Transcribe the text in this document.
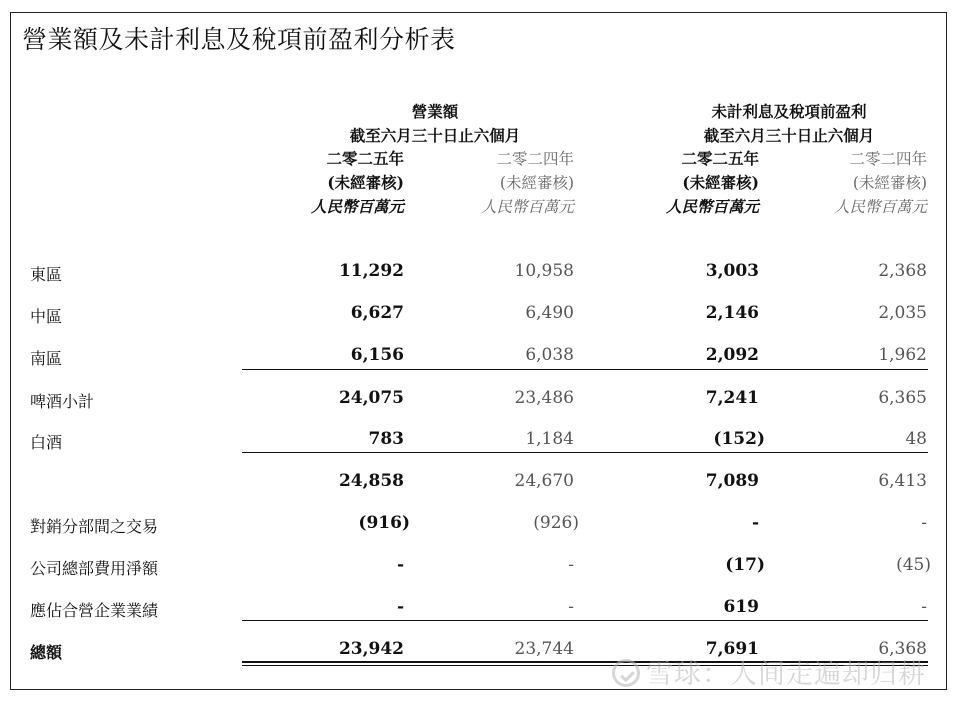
營業額及未計利息及稅項前盈利分析表
營業額
截至六月三十日止六個月
二零二五年
(未經審核)
人民幣百萬元
二零二四年
(未經審核)
人民幣百萬元
未計利息及稅項前盈利
截至六月三十日止六個月
二零二五年
(未經審核)
人民幣百萬元
二零二四年
(未經審核)
人民幣百萬元
東區	11,292	10,958	3,003	2,368
中區	6,627	6,490	2,146	2,035
南區	6,156	6,038	2,092	1,962
啤酒小計	24,075	23,486	7,241	6,365
白酒	783	1,184	(152)	48
24,858	24,670	7,089	6,413
對銷分部間之交易	(916)	(926)	-	-
公司總部費用淨額	-	-	(17)	(45)
應佔合營企業業績	-	-	619	-
總額	23,942	23,744	7,691	6,368
雪球：人间走遍却归耕
